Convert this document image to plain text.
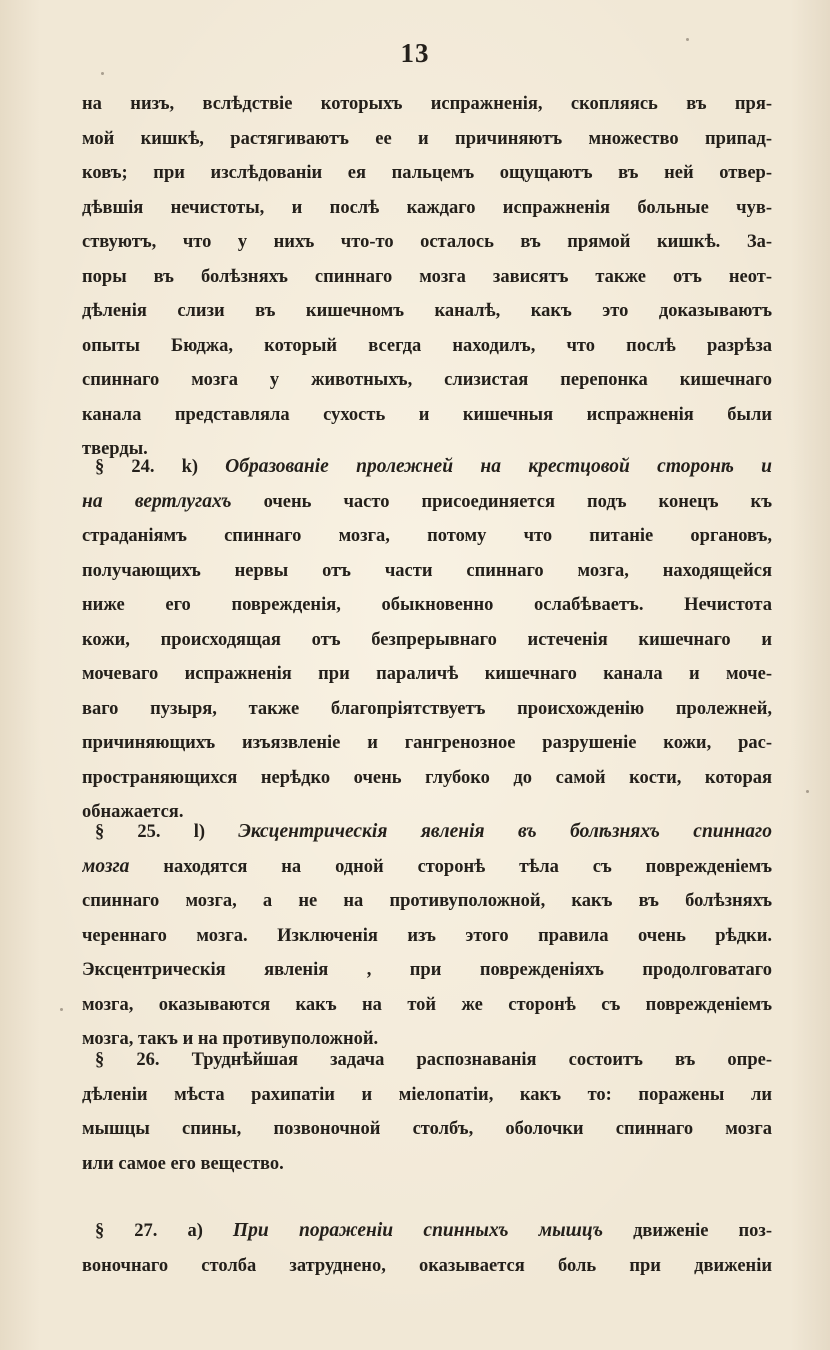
13
на низъ, вслѣдствіе которыхъ испражненія, скопляясь въ пря-
мой кишкѣ, растягиваютъ ее и причиняютъ множество припад-
ковъ; при изслѣдованіи ея пальцемъ ощущаютъ въ ней отвер-
дѣвшія нечистоты, и послѣ каждаго испражненія больные чув-
ствуютъ, что у нихъ что-то осталось въ прямой кишкѣ. За-
поры въ болѣзняхъ спиннаго мозга зависятъ также отъ неот-
дѣленія слизи въ кишечномъ каналѣ, какъ это доказываютъ
опыты Бюджа, который всегда находилъ, что послѣ разрѣза
спиннаго мозга у животныхъ, слизистая перепонка кишечнаго
канала представляла сухость и кишечныя испражненія были
тверды.
§ 24. k) Образованіе пролежней на крестцовой сторонѣ и
на вертлугахъ очень часто присоединяется подъ конецъ къ
страданіямъ спиннаго мозга, потому что питаніе органовъ,
получающихъ нервы отъ части спиннаго мозга, находящейся
ниже его поврежденія, обыкновенно ослабѣваетъ. Нечистота
кожи, происходящая отъ безпрерывнаго истеченія кишечнаго и
мочеваго испражненія при параличѣ кишечнаго канала и моче-
ваго пузыря, также благопріятствуетъ происхожденію пролежней,
причиняющихъ изъязвленіе и гангренозное разрушеніе кожи, рас-
пространяющихся нерѣдко очень глубоко до самой кости, которая
обнажается.
§ 25. l) Эксцентрическія явленія въ болѣзняхъ спиннаго
мозга находятся на одной сторонѣ тѣла съ поврежденіемъ
спиннаго мозга, а не на противуположной, какъ въ болѣзняхъ
череннаго мозга. Изключенія изъ этого правила очень рѣдки.
Эксцентрическія явленія , при поврежденіяхъ продолговатаго
мозга, оказываются какъ на той же сторонѣ съ поврежденіемъ
мозга, такъ и на противуположной.
§ 26. Труднѣйшая задача распознаванія состоитъ въ опре-
дѣленіи мѣста рахипатіи и міелопатіи, какъ то: поражены ли
мышцы спины, позвоночной столбъ, оболочки спиннаго мозга
или самое его вещество.
§ 27. a) При пораженіи спинныхъ мышцъ движеніе поз-
воночнаго столба затруднено, оказывается боль при движеніи
